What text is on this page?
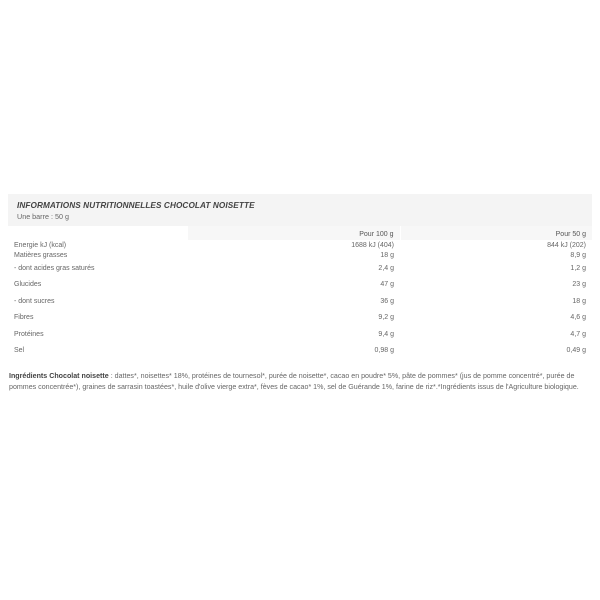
INFORMATIONS NUTRITIONNELLES CHOCOLAT NOISETTE
Une barre : 50 g
	Pour 100 g	Pour 50 g
Energie kJ (kcal)	1688 kJ (404)	844 kJ (202)
Matières grasses	18 g	8,9 g
- dont acides gras saturés	2,4 g	1,2 g
Glucides	47 g	23 g
- dont sucres	36 g	18 g
Fibres	9,2 g	4,6 g
Protéines	9,4 g	4,7 g
Sel	0,98 g	0,49 g
Ingrédients Chocolat noisette : dattes*, noisettes* 18%, protéines de tournesol*, purée de noisette*, cacao en poudre* 5%, pâte de pommes* (jus de pomme concentré*, purée de pommes concentrée*), graines de sarrasin toastées*, huile d'olive vierge extra*, fèves de cacao* 1%, sel de Guérande 1%, farine de riz*.*Ingrédients issus de l'Agriculture biologique.
